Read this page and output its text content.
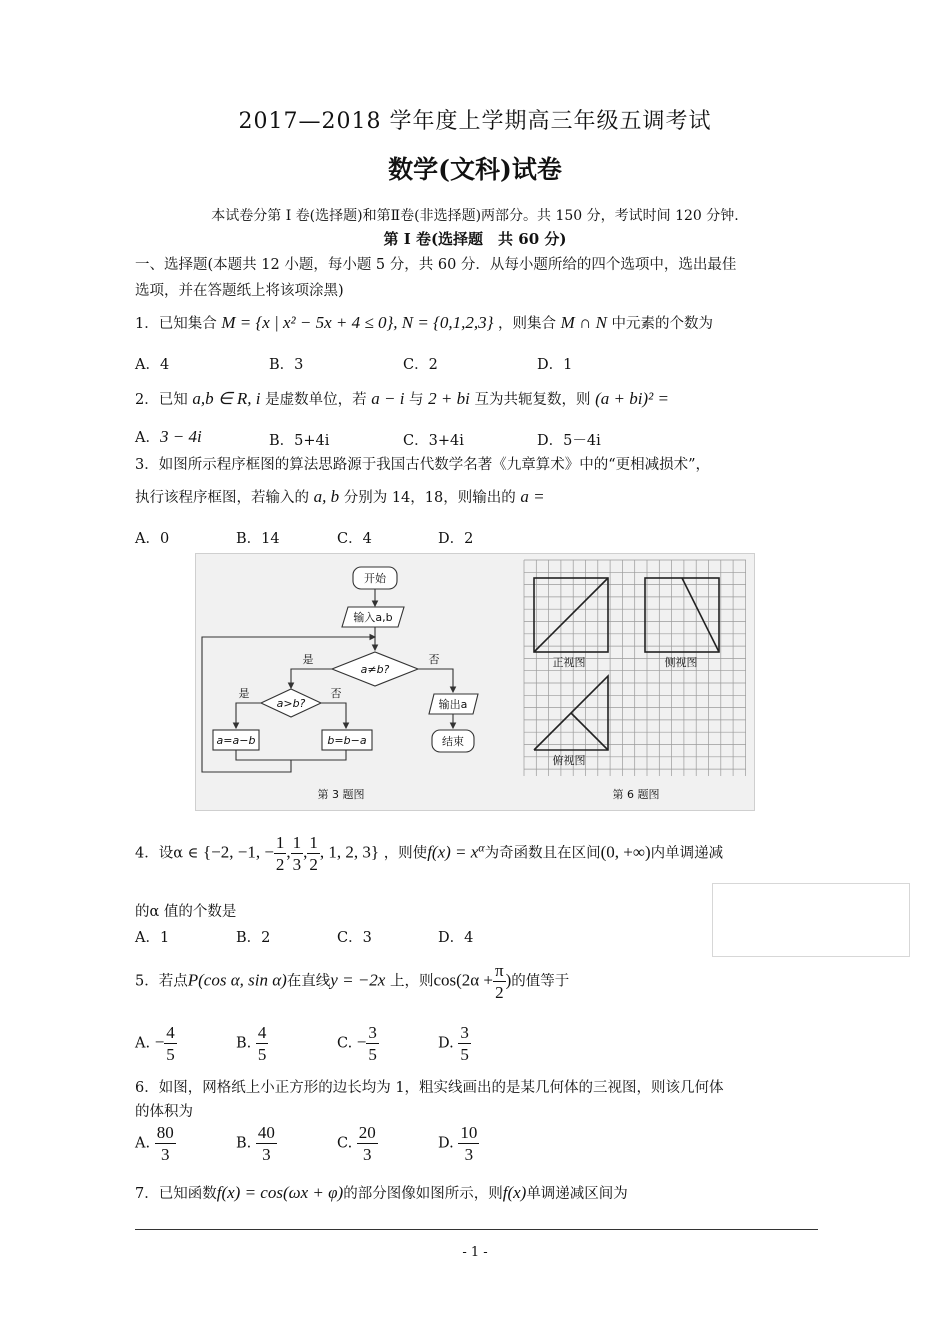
2017—2018 学年度上学期高三年级五调考试
数学(文科)试卷
本试卷分第 I 卷(选择题)和第Ⅱ卷(非选择题)两部分。共 150 分，考试时间 120 分钟.
第 I 卷(选择题　共 60 分)
一、选择题(本题共 12 小题，每小题 5 分，共 60 分．从每小题所给的四个选项中，选出最佳
选项，并在答题纸上将该项涂黑)
1．已知集合 M = {x | x² − 5x + 4 ≤ 0}, N = {0,1,2,3} ，则集合 M ∩ N 中元素的个数为
A．4	B．3	C．2	D．1
2．已知 a,b ∈ R, i 是虚数单位，若 a − i 与 2 + bi 互为共轭复数，则 (a + bi)² =
A．3 − 4i	B．5+4i	C．3+4i	D．5－4i
3．如图所示程序框图的算法思路源于我国古代数学名著《九章算术》中的“更相减损术”，
执行该程序框图，若输入的 a, b 分别为 14，18，则输出的 a =
A．0	B．14	C．4	D．2
开始
输入a,b
a≠b?
是	否
a>b?
是	否
a=a−b	b=b−a
输出a
结束
第 3 题图
正视图	侧视图
俯视图
第 6 题图
4．设α ∈ {−2, −1, − $\frac{1}{2}$ , $\frac{1}{3}$ , $\frac{1}{2}$ , 1, 2, 3} ，则使$f(x) = x^\alpha$为奇函数且在区间(0, +∞)内单调递减
的α 值的个数是
A．1	B．2	C．3	D．4
5．若点P(cos α, sin α)在直线y = −2x 上，则$\cos(2\alpha + \frac{\pi}{2}$ )的值等于
A. − $\frac{4}{5}$	B. $\frac{4}{5}$	C. − $\frac{3}{5}$	D. $\frac{3}{5}$
6．如图，网格纸上小正方形的边长均为 1，粗实线画出的是某几何体的三视图，则该几何体
的体积为
A. $\frac{80}{3}$	B. $\frac{40}{3}$	C. $\frac{20}{3}$	D. $\frac{10}{3}$
7．已知函数f(x) = cos(ωx + φ)的部分图像如图所示，则f(x)单调递减区间为
- 1 -
